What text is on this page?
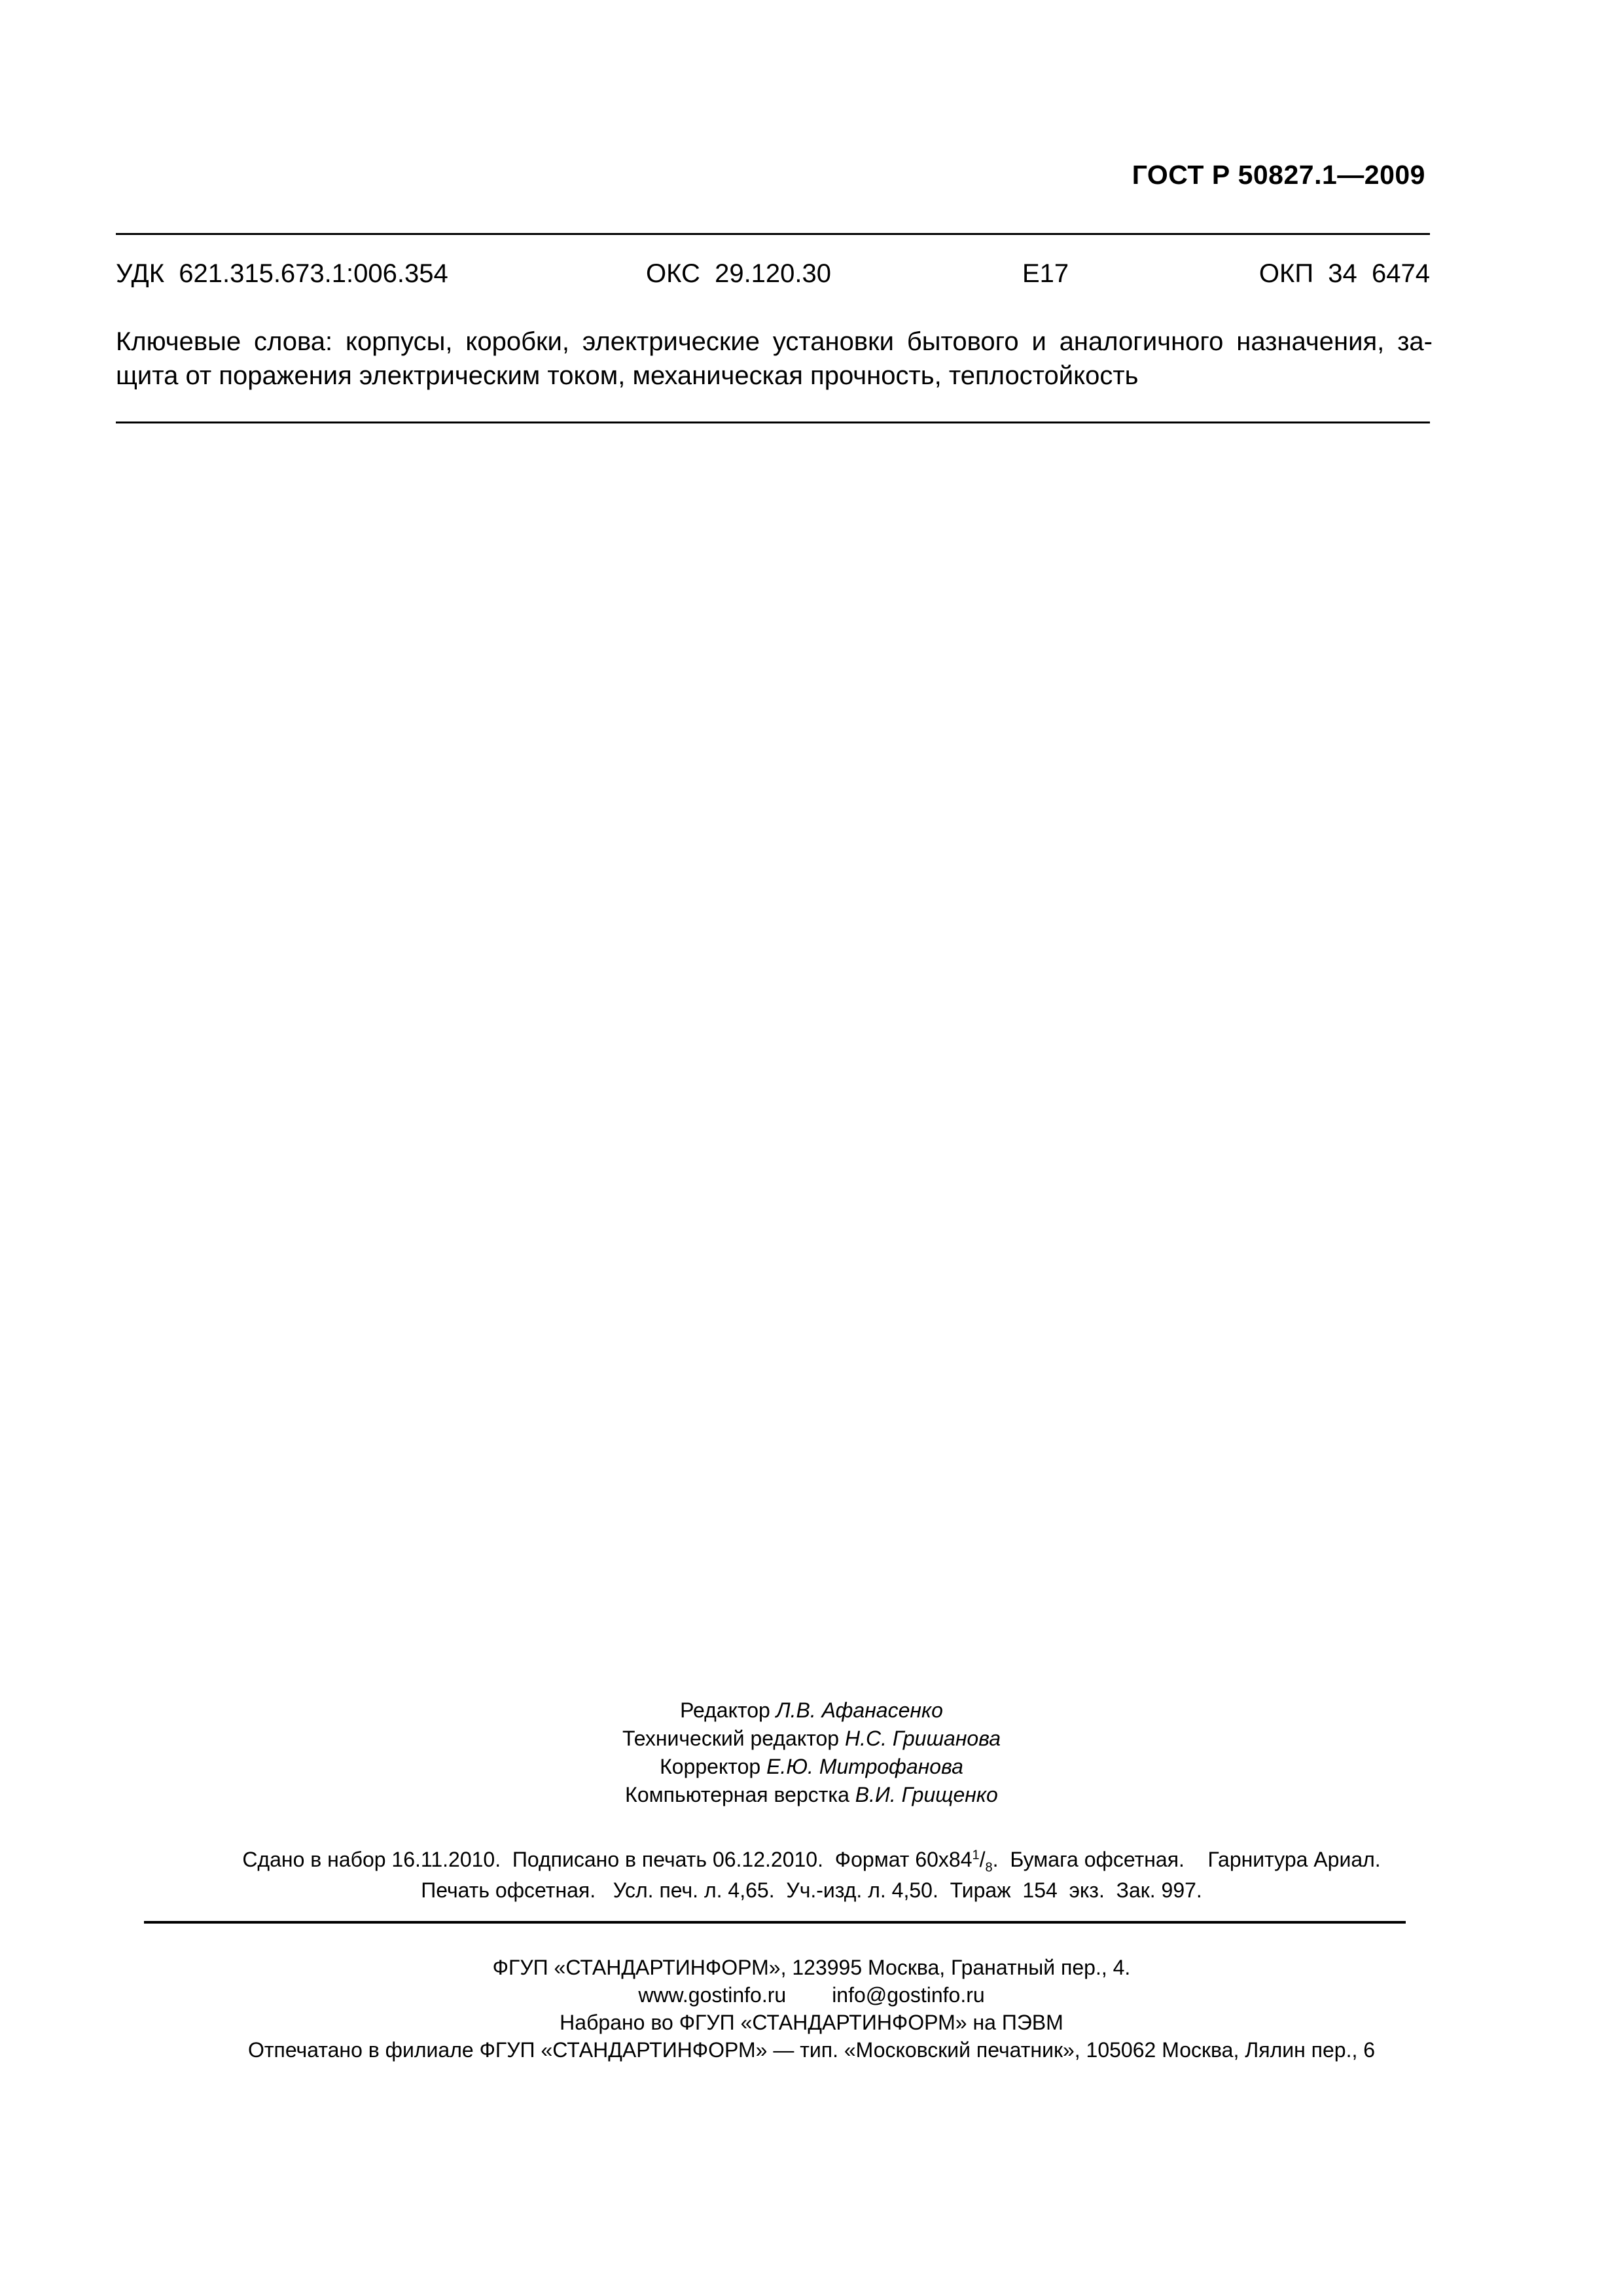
ГОСТ Р 50827.1—2009
УДК  621.315.673.1:006.354	ОКС  29.120.30	Е17	ОКП  34  6474
Ключевые слова: корпусы, коробки, электрические установки бытового и аналогичного назначения, за-
щита от поражения электрическим током, механическая прочность, теплостойкость
Редактор Л.В. Афанасенко
Технический редактор Н.С. Гришанова
Корректор Е.Ю. Митрофанова
Компьютерная верстка В.И. Грищенко
Сдано в набор 16.11.2010.  Подписано в печать 06.12.2010.  Формат $60х84^1/_8$.  Бумага офсетная.    Гарнитура Ариал.
Печать офсетная.   Усл. печ. л. 4,65.  Уч.-изд. л. 4,50.  Тираж  154  экз.  Зак. 997.
ФГУП «СТАНДАРТИНФОРМ», 123995 Москва, Гранатный пер., 4.
www.gostinfo.ru info@gostinfo.ru
Набрано во ФГУП «СТАНДАРТИНФОРМ» на ПЭВМ
Отпечатано в филиале ФГУП «СТАНДАРТИНФОРМ» — тип. «Московский печатник», 105062 Москва, Лялин пер., 6
